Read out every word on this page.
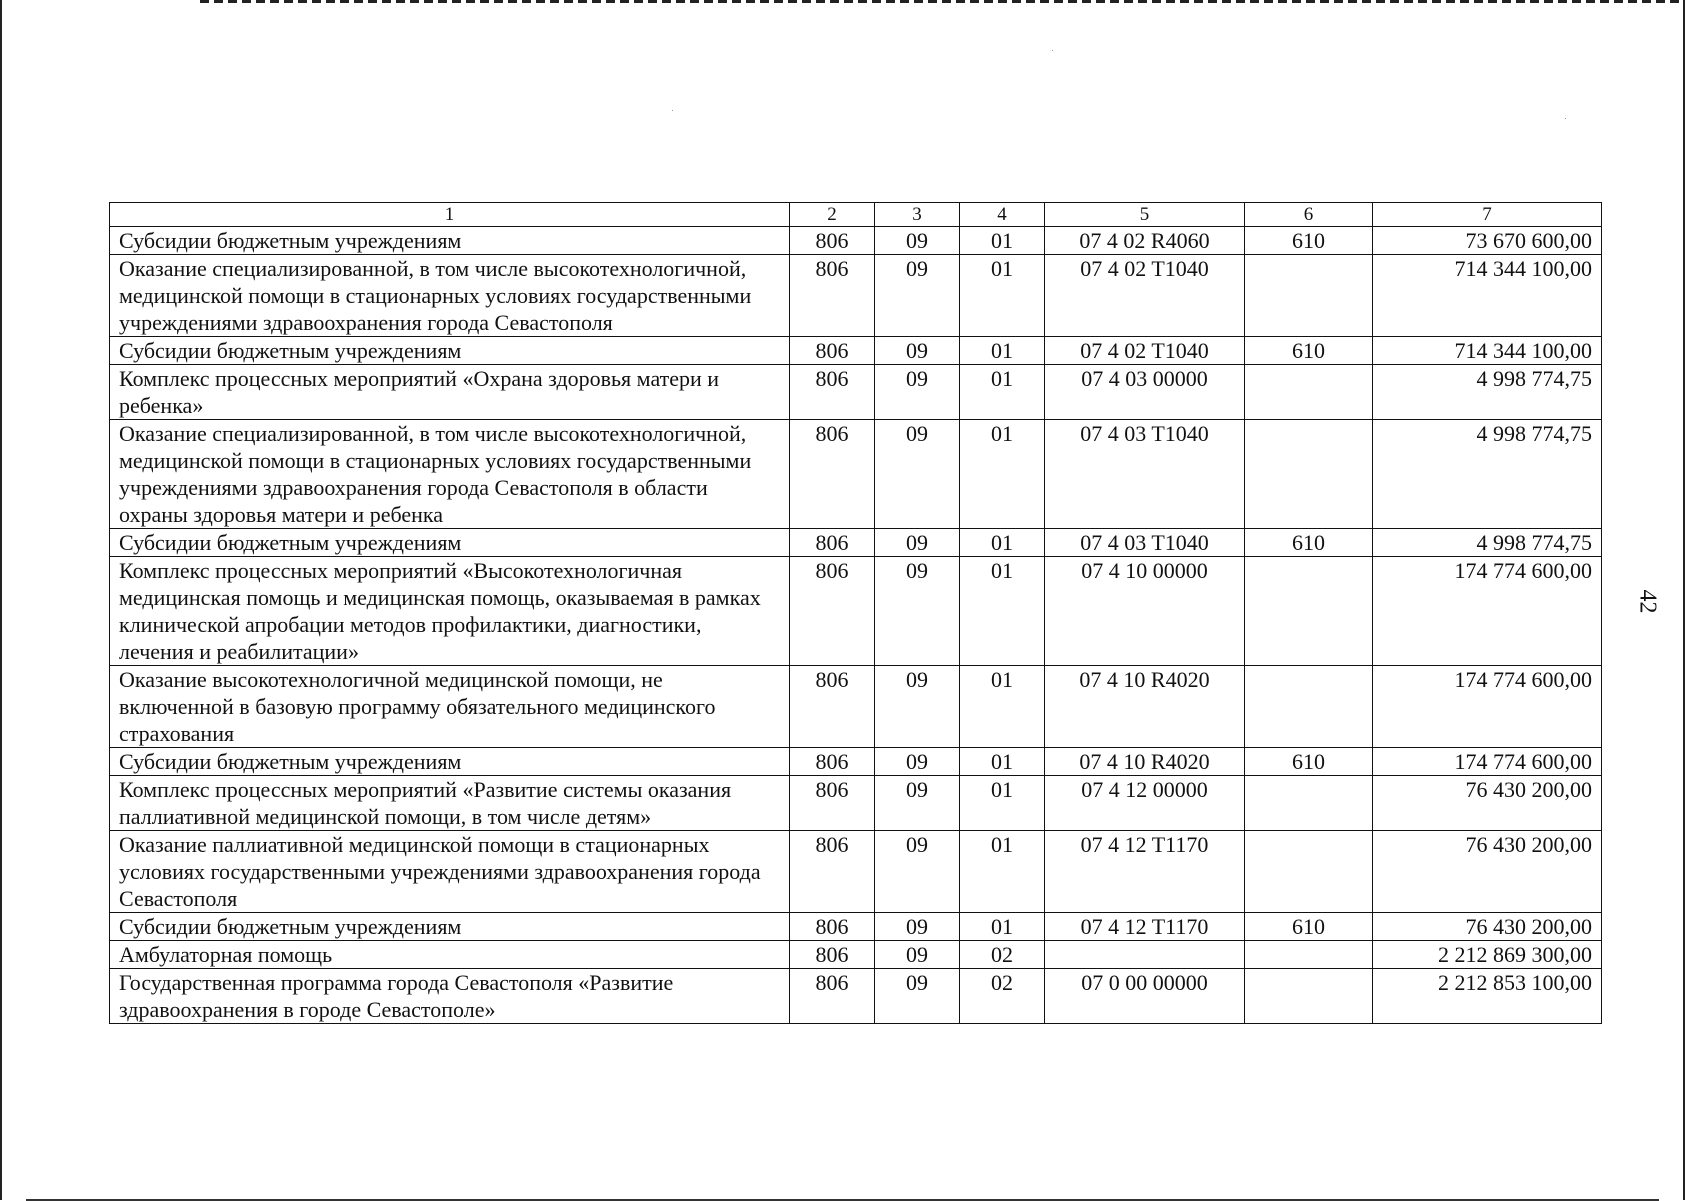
1	2	3	4	5	6	7
Субсидии бюджетным учреждениям	806	09	01	07 4 02 R4060	610	73 670 600,00
Оказание специализированной, в том числе высокотехнологичной, медицинской помощи в стационарных условиях государственными учреждениями здравоохранения города Севастополя	806	09	01	07 4 02 T1040		714 344 100,00
Субсидии бюджетным учреждениям	806	09	01	07 4 02 T1040	610	714 344 100,00
Комплекс процессных мероприятий «Охрана здоровья матери и ребенка»	806	09	01	07 4 03 00000		4 998 774,75
Оказание специализированной, в том числе высокотехнологичной, медицинской помощи в стационарных условиях государственными учреждениями здравоохранения города Севастополя в области охраны здоровья матери и ребенка	806	09	01	07 4 03 T1040		4 998 774,75
Субсидии бюджетным учреждениям	806	09	01	07 4 03 T1040	610	4 998 774,75
Комплекс процессных мероприятий «Высокотехнологичная медицинская помощь и медицинская помощь, оказываемая в рамках клинической апробации методов профилактики, диагностики, лечения и реабилитации»	806	09	01	07 4 10 00000		174 774 600,00
Оказание высокотехнологичной медицинской помощи, не включенной в базовую программу обязательного медицинского страхования	806	09	01	07 4 10 R4020		174 774 600,00
Субсидии бюджетным учреждениям	806	09	01	07 4 10 R4020	610	174 774 600,00
Комплекс процессных мероприятий «Развитие системы оказания паллиативной медицинской помощи, в том числе детям»	806	09	01	07 4 12 00000		76 430 200,00
Оказание паллиативной медицинской помощи в стационарных условиях государственными учреждениями здравоохранения города Севастополя	806	09	01	07 4 12 T1170		76 430 200,00
Субсидии бюджетным учреждениям	806	09	01	07 4 12 T1170	610	76 430 200,00
Амбулаторная помощь	806	09	02			2 212 869 300,00
Государственная программа города Севастополя «Развитие здравоохранения в городе Севастополе»	806	09	02	07 0 00 00000		2 212 853 100,00
42
